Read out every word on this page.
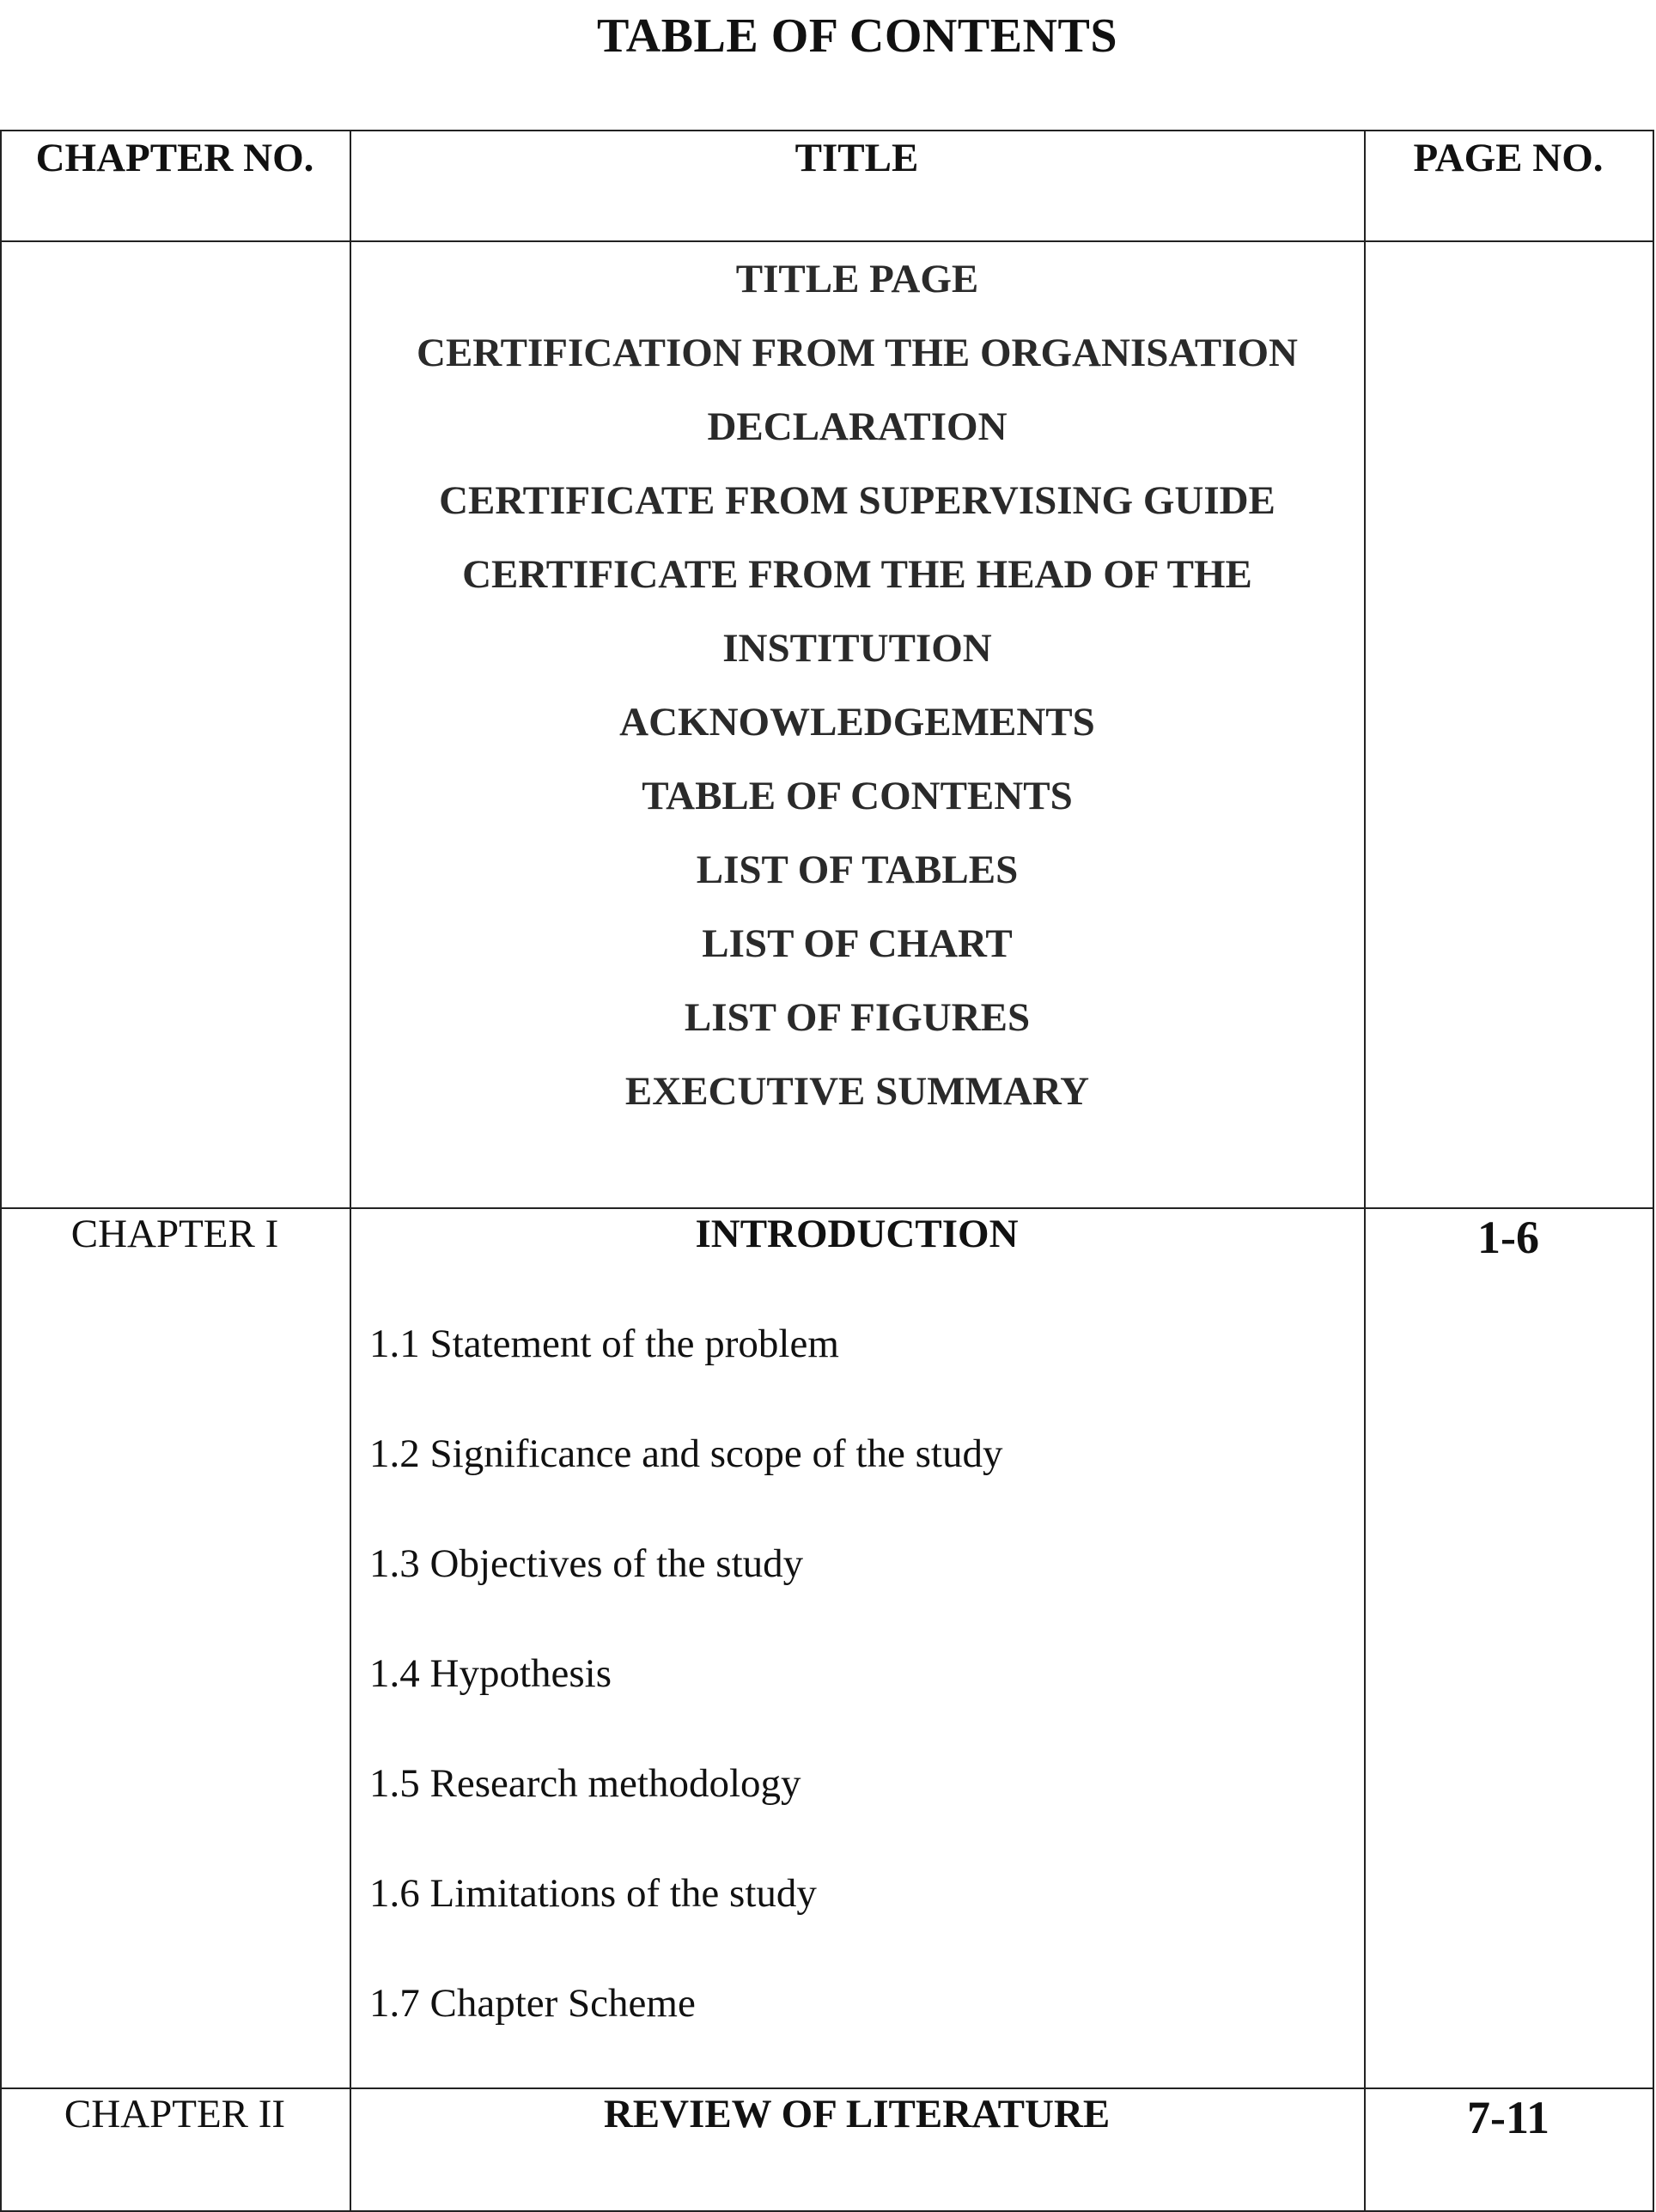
TABLE OF CONTENTS
CHAPTER NO.	TITLE	PAGE NO.
TITLE PAGE
CERTIFICATION FROM THE ORGANISATION
DECLARATION
CERTIFICATE FROM SUPERVISING GUIDE
CERTIFICATE FROM THE HEAD OF THE
INSTITUTION
ACKNOWLEDGEMENTS
TABLE OF CONTENTS
LIST OF TABLES
LIST OF CHART
LIST OF FIGURES
EXECUTIVE SUMMARY
CHAPTER I	INTRODUCTION	1-6
1.1 Statement of the problem
1.2 Significance and scope of the study
1.3 Objectives of the study
1.4 Hypothesis
1.5 Research methodology
1.6 Limitations of the study
1.7 Chapter Scheme
CHAPTER II	REVIEW OF LITERATURE	7-11
